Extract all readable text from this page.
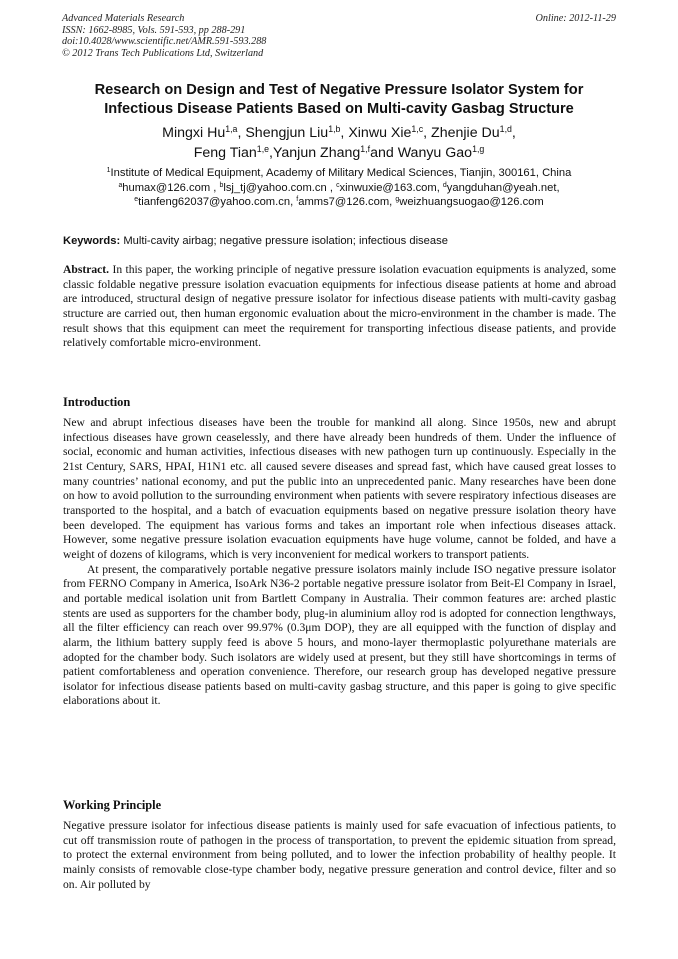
Advanced Materials Research
ISSN: 1662-8985, Vols. 591-593, pp 288-291
doi:10.4028/www.scientific.net/AMR.591-593.288
© 2012 Trans Tech Publications Ltd, Switzerland
Online: 2012-11-29
Research on Design and Test of Negative Pressure Isolator System for Infectious Disease Patients Based on Multi-cavity Gasbag Structure
Mingxi Hu$^{1,a}$, Shengjun Liu$^{1,b}$, Xinwu Xie$^{1,c}$, Zhenjie Du$^{1,d}$,
Feng Tian$^{1,e}$,Yanjun Zhang$^{1,f}$and Wanyu Gao$^{1,g}$
$^1$Institute of Medical Equipment, Academy of Military Medical Sciences, Tianjin, 300161, China
$^a$humax@126.com , $^b$lsj_tj@yahoo.com.cn , $^c$xinwuxie@163.com, $^d$yangduhan@yeah.net,
$^e$tianfeng62037@yahoo.com.cn, $^f$amms7@126.com, $^g$weizhuangsuogao@126.com
Keywords: Multi-cavity airbag; negative pressure isolation; infectious disease
Abstract. In this paper, the working principle of negative pressure isolation evacuation equipments is analyzed, some classic foldable negative pressure isolation evacuation equipments for infectious disease patients at home and abroad are introduced, structural design of negative pressure isolator for infectious disease patients with multi-cavity gasbag structure are carried out, then human ergonomic evaluation about the micro-environment in the chamber is made. The result shows that this equipment can meet the requirement for transporting infectious disease patients, and provide relatively comfortable micro-environment.
Introduction

New and abrupt infectious diseases have been the trouble for mankind all along. Since 1950s, new and abrupt infectious diseases have grown ceaselessly, and there have already been hundreds of them. Under the influence of social, economic and human activities, infectious diseases with new pathogen turn up continuously. Especially in the 21st Century, SARS, HPAI, H1N1 etc. all caused severe diseases and spread fast, which have caused great losses to many countries’ national economy, and put the public into an unprecedented panic. Many researches have been done on how to avoid pollution to the surrounding environment when patients with severe respiratory infectious diseases are transported to the hospital, and a batch of evacuation equipments based on negative pressure isolation theory have been developed. The equipment has various forms and takes an important role when infectious diseases attack. However, some negative pressure isolation evacuation equipments have huge volume, cannot be folded, and have a weight of dozens of kilograms, which is very inconvenient for medical workers to transport patients.

At present, the comparatively portable negative pressure isolators mainly include ISO negative pressure isolator from FERNO Company in America, IsoArk N36-2 portable negative pressure isolator from Beit-El Company in Israel, and portable medical isolation unit from Bartlett Company in Australia. Their common features are: arched plastic stents are used as supporters for the chamber body, plug-in aluminium alloy rod is adopted for connection lengthways, all the filter efficiency can reach over 99.97% (0.3μm DOP), they are all equipped with the function of display and alarm, the lithium battery supply feed is above 5 hours, and mono-layer thermoplastic polyurethane materials are adopted for the chamber body. Such isolators are widely used at present, but they still have shortcomings in terms of patient comfortableness and operation convenience. Therefore, our research group has developed negative pressure isolator for infectious disease patients based on multi-cavity gasbag structure, and this paper is going to give specific elaborations about it.

Working Principle

Negative pressure isolator for infectious disease patients is mainly used for safe evacuation of infectious patients, to cut off transmission route of pathogen in the process of transportation, to prevent the epidemic situation from spread, to protect the external environment from being polluted, and to lower the infection probability of healthy people. It mainly consists of removable close-type chamber body, negative pressure generation and control device, filter and so on. Air polluted by
